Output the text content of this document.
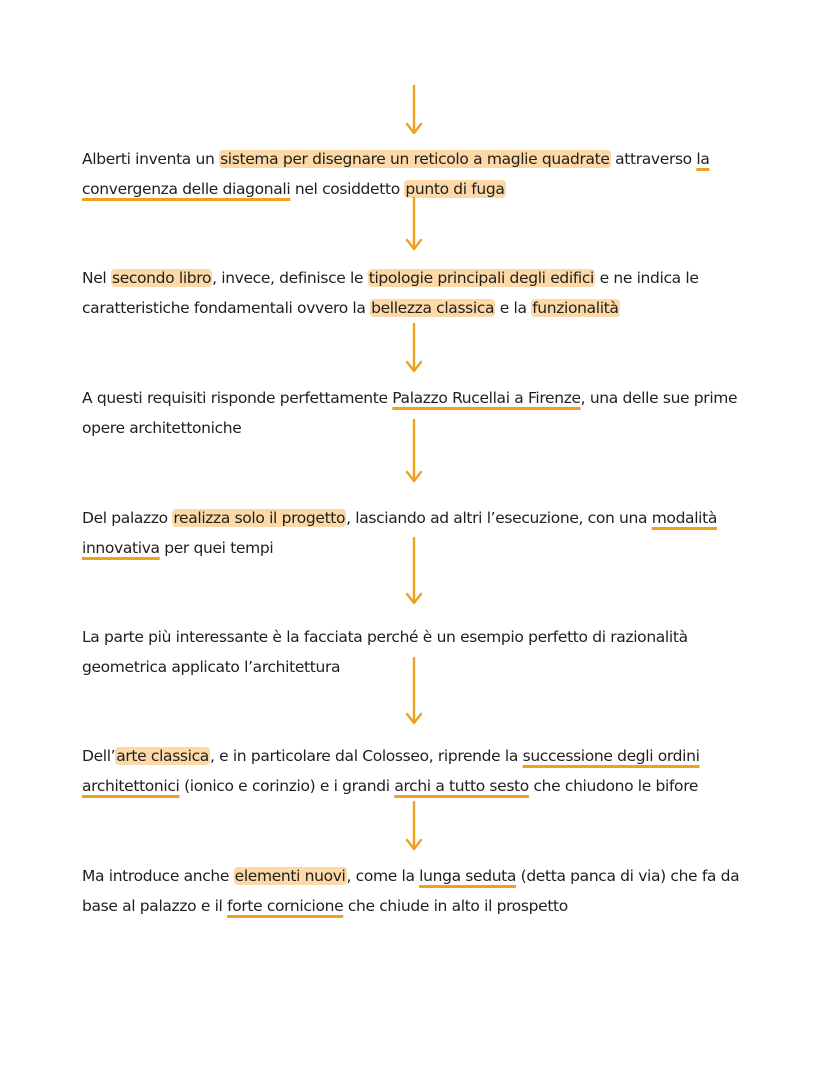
Alberti inventa un sistema per disegnare un reticolo a maglie quadrate attraverso la convergenza delle diagonali nel cosiddetto punto di fuga

Nel secondo libro, invece, definisce le tipologie principali degli edifici e ne indica le caratteristiche fondamentali ovvero la bellezza classica e la funzionalità

A questi requisiti risponde perfettamente Palazzo Rucellai a Firenze, una delle sue prime opere architettoniche

Del palazzo realizza solo il progetto, lasciando ad altri l’esecuzione, con una modalità innovativa per quei tempi

La parte più interessante è la facciata perché è un esempio perfetto di razionalità geometrica applicato l’architettura

Dell’arte classica, e in particolare dal Colosseo, riprende la successione degli ordini architettonici (ionico e corinzio) e i grandi archi a tutto sesto che chiudono le bifore

Ma introduce anche elementi nuovi, come la lunga seduta (detta panca di via) che fa da base al palazzo e il forte cornicione che chiude in alto il prospetto
